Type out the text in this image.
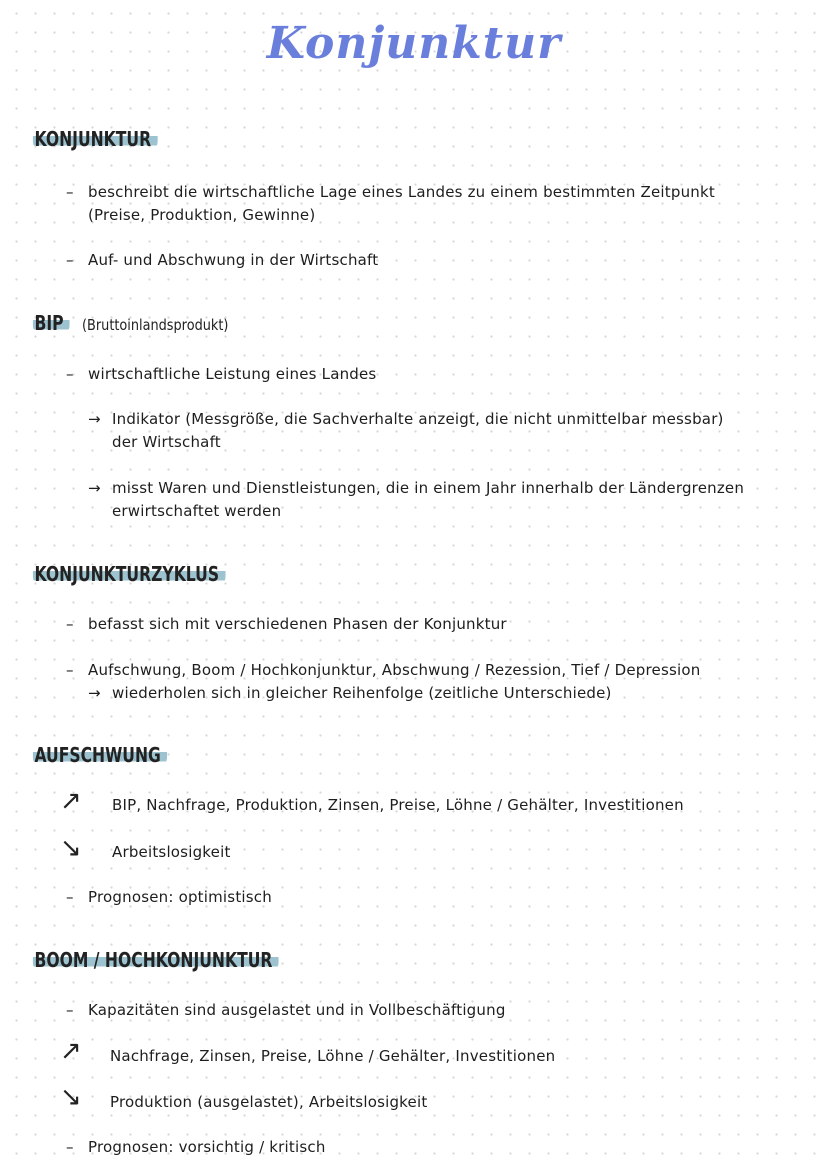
Konjunktur
KONJUNKTUR
– beschreibt die wirtschaftliche Lage eines Landes zu einem bestimmten Zeitpunkt
(Preise, Produktion, Gewinne)
– Auf- und Abschwung in der Wirtschaft
BIP (Bruttoinlandsprodukt)
– wirtschaftliche Leistung eines Landes
→ Indikator (Messgröße, die Sachverhalte anzeigt, die nicht unmittelbar messbar)
der Wirtschaft
→ misst Waren und Dienstleistungen, die in einem Jahr innerhalb der Ländergrenzen
erwirtschaftet werden
KONJUNKTURZYKLUS
– befasst sich mit verschiedenen Phasen der Konjunktur
– Aufschwung, Boom / Hochkonjunktur, Abschwung / Rezession, Tief / Depression
→ wiederholen sich in gleicher Reihenfolge (zeitliche Unterschiede)
AUFSCHWUNG
↗ BIP, Nachfrage, Produktion, Zinsen, Preise, Löhne / Gehälter, Investitionen
↘ Arbeitslosigkeit
– Prognosen: optimistisch
BOOM / HOCHKONJUNKTUR
– Kapazitäten sind ausgelastet und in Vollbeschäftigung
↗ Nachfrage, Zinsen, Preise, Löhne / Gehälter, Investitionen
↘ Produktion (ausgelastet), Arbeitslosigkeit
– Prognosen: vorsichtig / kritisch
